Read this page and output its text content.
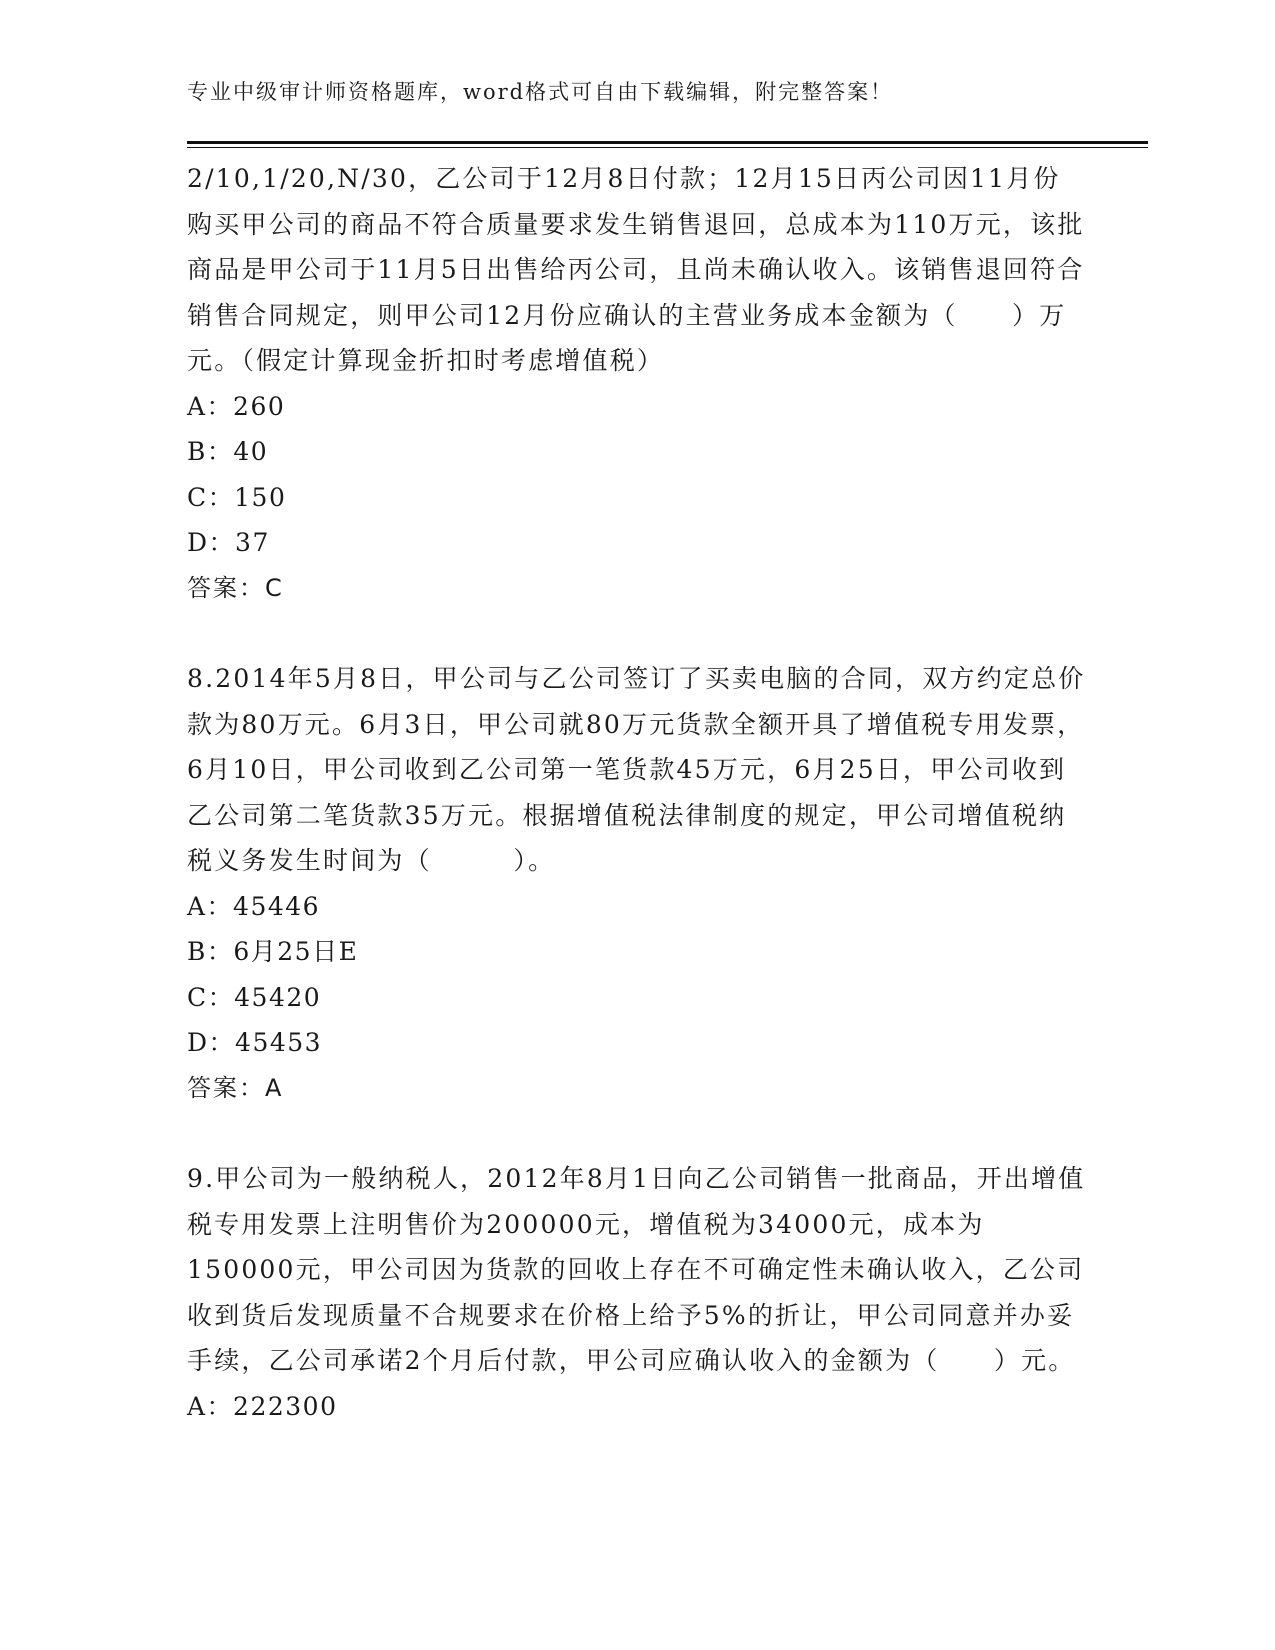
专业中级审计师资格题库，word格式可自由下载编辑，附完整答案！

2/10,1/20,N/30，乙公司于12月8日付款；12月15日丙公司因11月份购买甲公司的商品不符合质量要求发生销售退回，总成本为110万元，该批商品是甲公司于11月5日出售给丙公司，且尚未确认收入。该销售退回符合销售合同规定，则甲公司12月份应确认的主营业务成本金额为（　　）万元。（假定计算现金折扣时考虑增值税）

A：260

B：40

C：150

D：37

答案：C

8.2014年5月8日，甲公司与乙公司签订了买卖电脑的合同，双方约定总价款为80万元。6月3日，甲公司就80万元货款全额开具了增值税专用发票，6月10日，甲公司收到乙公司第一笔货款45万元，6月25日，甲公司收到乙公司第二笔货款35万元。根据增值税法律制度的规定，甲公司增值税纳税义务发生时间为（　　　）。

A：45446

B：6月25日E

C：45420

D：45453

答案：A

9.甲公司为一般纳税人，2012年8月1日向乙公司销售一批商品，开出增值税专用发票上注明售价为200000元，增值税为34000元，成本为150000元，甲公司因为货款的回收上存在不可确定性未确认收入，乙公司收到货后发现质量不合规要求在价格上给予5%的折让，甲公司同意并办妥手续，乙公司承诺2个月后付款，甲公司应确认收入的金额为（　　）元。

A：222300
